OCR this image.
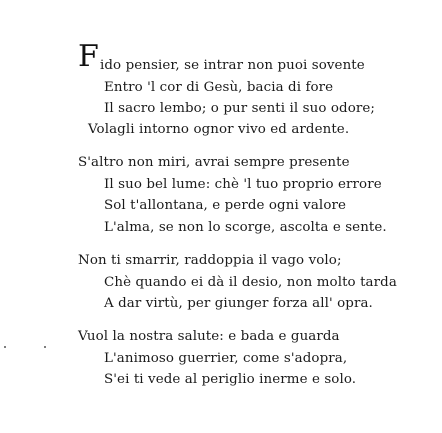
F ido pensier, se intrar non puoi sovente
Entro 'l cor di Gesù, bacia di fore
Il sacro lembo; o pur senti il suo odore;
Volagli intorno ognor vivo ed ardente.
S'altro non miri, avrai sempre presente
Il suo bel lume: chè 'l tuo proprio errore
Sol t'allontana, e perde ogni valore
L'alma, se non lo scorge, ascolta e sente.
Non ti smarrir, raddoppia il vago volo;
Chè quando ei dà il desio, non molto tarda
A dar virtù, per giunger forza all' opra.
Vuol la nostra salute: e bada e guarda
L'animoso guerrier, come s'adopra,
S'ei ti vede al periglio inerme e solo.
